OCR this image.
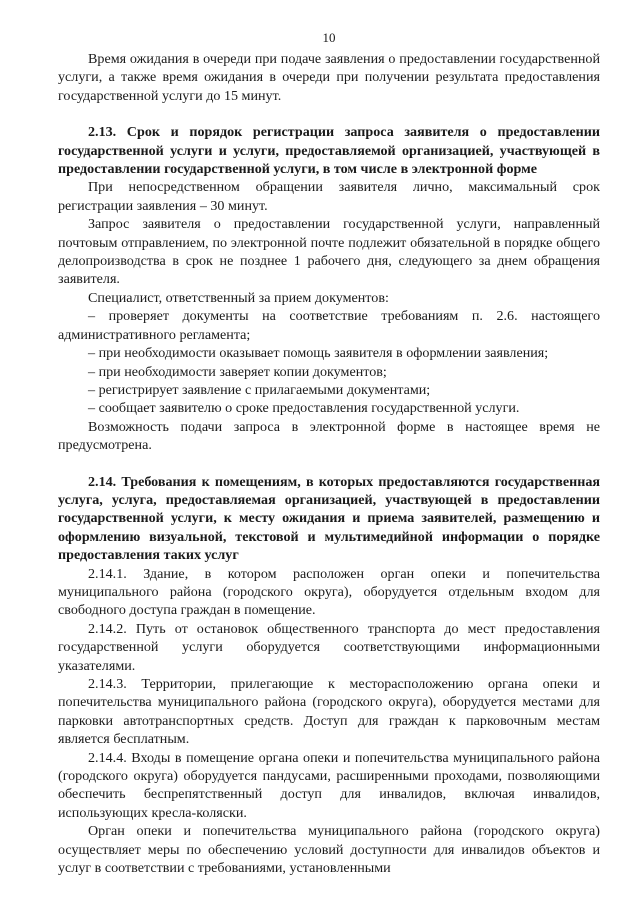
10

Время ожидания в очереди при подаче заявления о предоставлении государственной услуги, а также время ожидания в очереди при получении результата предоставления государственной услуги до 15 минут.

2.13. Срок и порядок регистрации запроса заявителя о предоставлении государственной услуги и услуги, предоставляемой организацией, участвующей в предоставлении государственной услуги, в том числе в электронной форме

При непосредственном обращении заявителя лично, максимальный срок регистрации заявления – 30 минут.

Запрос заявителя о предоставлении государственной услуги, направленный почтовым отправлением, по электронной почте подлежит обязательной в порядке общего делопроизводства в срок не позднее 1 рабочего дня, следующего за днем обращения заявителя.

Специалист, ответственный за прием документов:

– проверяет документы на соответствие требованиям п. 2.6. настоящего административного регламента;

– при необходимости оказывает помощь заявителя в оформлении заявления;

– при необходимости заверяет копии документов;

– регистрирует заявление с прилагаемыми документами;

– сообщает заявителю о сроке предоставления государственной услуги.

Возможность подачи запроса в электронной форме в настоящее время не предусмотрена.

2.14. Требования к помещениям, в которых предоставляются государственная услуга, услуга, предоставляемая организацией, участвующей в предоставлении государственной услуги, к месту ожидания и приема заявителей, размещению и оформлению визуальной, текстовой и мультимедийной информации о порядке предоставления таких услуг

2.14.1. Здание, в котором расположен орган опеки и попечительства муниципального района (городского округа), оборудуется отдельным входом для свободного доступа граждан в помещение.

2.14.2. Путь от остановок общественного транспорта до мест предоставления государственной услуги оборудуется соответствующими информационными указателями.

2.14.3. Территории, прилегающие к месторасположению органа опеки и попечительства муниципального района (городского округа), оборудуется местами для парковки автотранспортных средств. Доступ для граждан к парковочным местам является бесплатным.

2.14.4. Входы в помещение органа опеки и попечительства муниципального района (городского округа) оборудуется пандусами, расширенными проходами, позволяющими обеспечить беспрепятственный доступ для инвалидов, включая инвалидов, использующих кресла-коляски.

Орган опеки и попечительства муниципального района (городского округа) осуществляет меры по обеспечению условий доступности для инвалидов объектов и услуг в соответствии с требованиями, установленными
